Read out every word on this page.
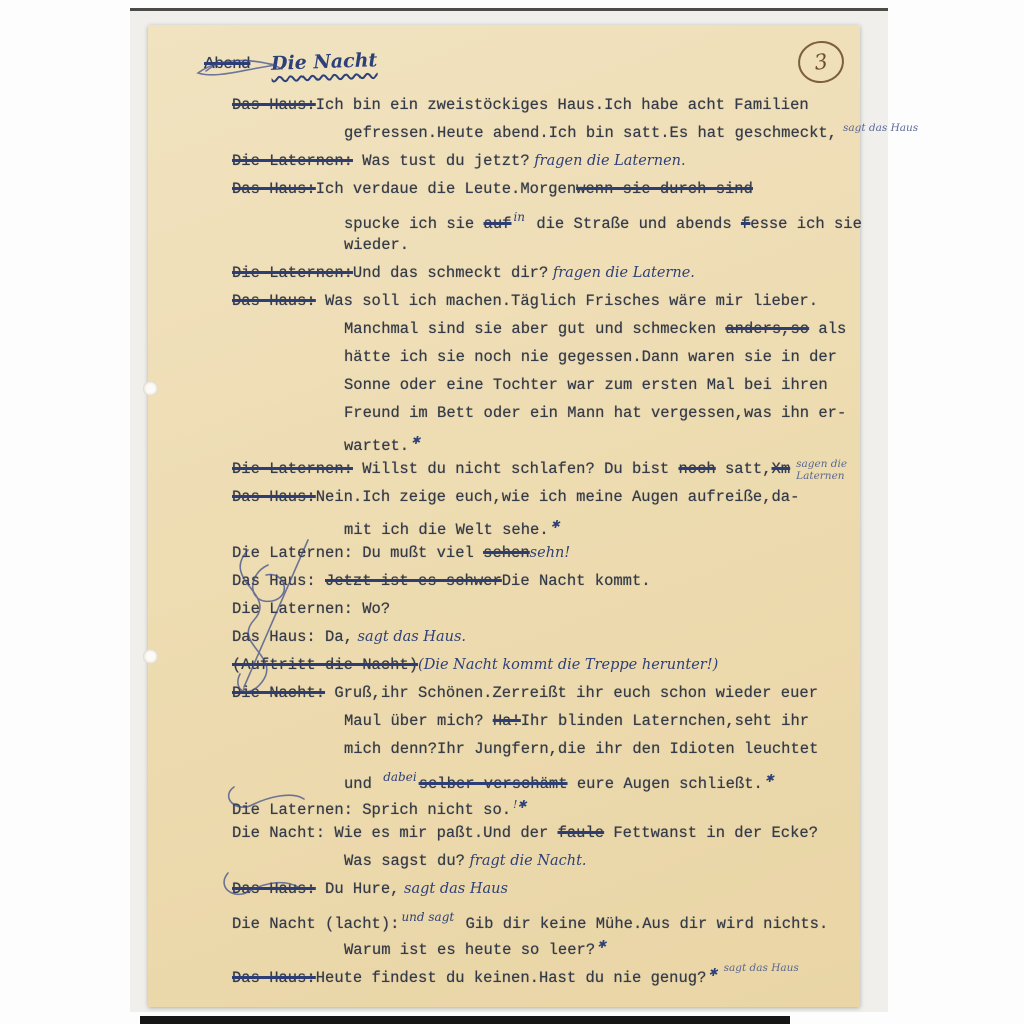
3
Abend Die Nacht
Das Haus:Ich bin ein zweistöckiges Haus.Ich habe acht Familien
gefressen.Heute abend.Ich bin satt.Es hat geschmeckt, sagt das Haus
Die Laternen: Was tust du jetzt? fragen die Laternen.
Das Haus:Ich verdaue die Leute.Morgenwenn sie durch sind
spucke ich sie auf $^{in}$ die Straße und abends fesse ich sie
wieder.
Die Laternen:Und das schmeckt dir? fragen die Laterne.
Das Haus: Was soll ich machen.Täglich Frisches wäre mir lieber.
Manchmal sind sie aber gut und schmecken anders,so als
hätte ich sie noch nie gegessen.Dann waren sie in der
Sonne oder eine Tochter war zum ersten Mal bei ihren
Freund im Bett oder ein Mann hat vergessen,was ihn er-
wartet. ✱
Die Laternen: Willst du nicht schlafen? Du bist noch satt,Xm sagen die Laternen
Das Haus:Nein.Ich zeige euch,wie ich meine Augen aufreiße,da-
mit ich die Welt sehe. ✱
Die Laternen: Du mußt viel sehensehn!
Das Haus: Jetzt ist es schwerDie Nacht kommt.
Die Laternen: Wo?
Das Haus: Da, sagt das Haus.
(Auftritt die Nacht)(Die Nacht kommt die Treppe herunter!)
Die Nacht: Gruß,ihr Schönen.Zerreißt ihr euch schon wieder euer
Maul über mich? Ha!Ihr blinden Laternchen,seht ihr
mich denn?Ihr Jungfern,die ihr den Idioten leuchtet
und $^{dabei}$ selber verschämt eure Augen schließt. ✱
Die Laternen: Sprich nicht so. !✱
Die Nacht: Wie es mir paßt.Und der faule Fettwanst in der Ecke?
Was sagst du? fragt die Nacht.
Das Haus: Du Hure, sagt das Haus
Die Nacht (lacht): $^{und sagt}$ Gib dir keine Mühe.Aus dir wird nichts.
Warum ist es heute so leer? ✱
Das Haus:Heute findest du keinen.Hast du nie genug? ✱ sagt das Haus
